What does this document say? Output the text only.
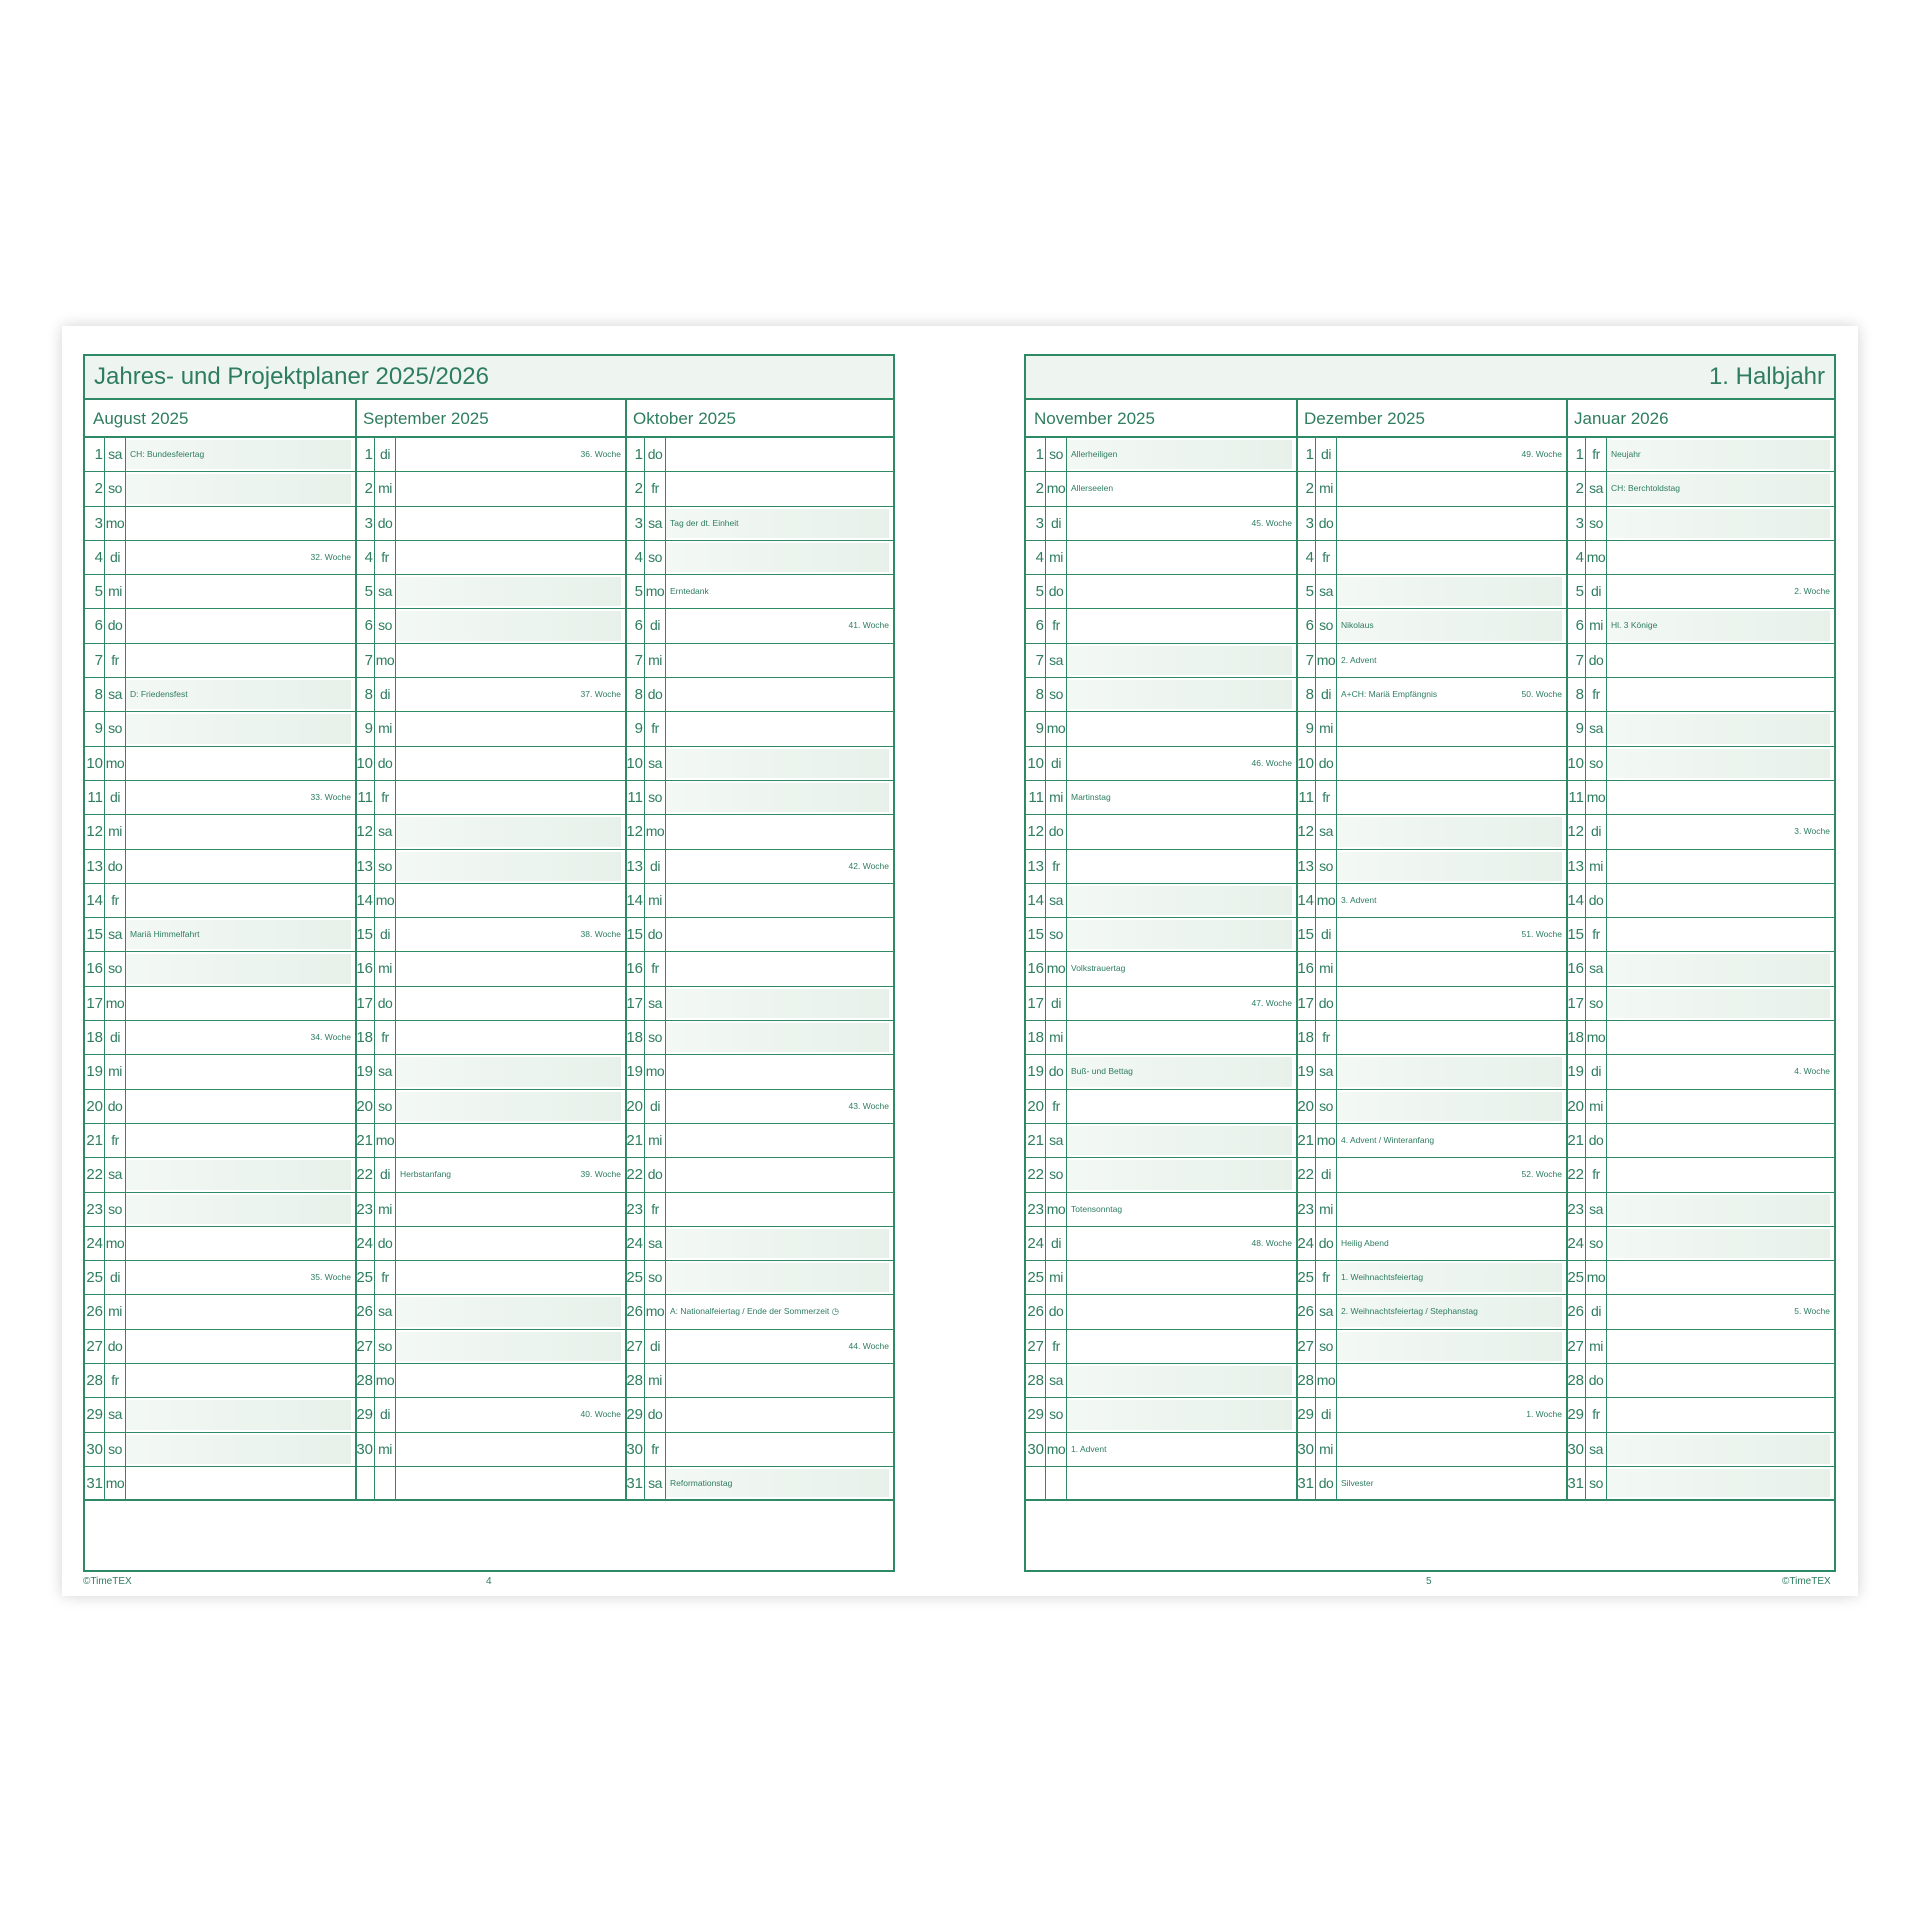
Jahres- und Projektplaner 2025/2026
August 2025
1 sa CH: Bundesfeiertag
2 so
3 mo
4 di	32. Woche
5 mi
6 do
7 fr
8 sa D: Friedensfest
9 so
10 mo
11 di	33. Woche
12 mi
13 do
14 fr
15 sa Mariä Himmelfahrt
16 so
17 mo
18 di	34. Woche
19 mi
20 do
21 fr
22 sa
23 so
24 mo
25 di	35. Woche
26 mi
27 do
28 fr
29 sa
30 so
31 mo
September 2025
1 di	36. Woche
2 mi
3 do
4 fr
5 sa
6 so
7 mo
8 di	37. Woche
9 mi
10 do
11 fr
12 sa
13 so
14 mo
15 di	38. Woche
16 mi
17 do
18 fr
19 sa
20 so
21 mo
22 di	Herbstanfang	39. Woche
23 mi
24 do
25 fr
26 sa
27 so
28 mo
29 di	40. Woche
30 mi
Oktober 2025
1 do
2 fr
3 sa Tag der dt. Einheit
4 so
5 mo Erntedank
6 di	41. Woche
7 mi
8 do
9 fr
10 sa
11 so
12 mo
13 di	42. Woche
14 mi
15 do
16 fr
17 sa
18 so
19 mo
20 di	43. Woche
21 mi
22 do
23 fr
24 sa
25 so
26 mo A: Nationalfeiertag / Ende der Sommerzeit ◷
27 di	44. Woche
28 mi
29 do
30 fr
31 sa Reformationstag
©TimeTEX	4
1. Halbjahr
November 2025
1 so Allerheiligen
2 mo Allerseelen
3 di	45. Woche
4 mi
5 do
6 fr
7 sa
8 so
9 mo
10 di	46. Woche
11 mi Martinstag
12 do
13 fr
14 sa
15 so
16 mo Volkstrauertag
17 di	47. Woche
18 mi
19 do Buß- und Bettag
20 fr
21 sa
22 so
23 mo Totensonntag
24 di	48. Woche
25 mi
26 do
27 fr
28 sa
29 so
30 mo 1. Advent
Dezember 2025
1 di	49. Woche
2 mi
3 do
4 fr
5 sa
6 so Nikolaus
7 mo 2. Advent
8 di	A+CH: Mariä Empfängnis	50. Woche
9 mi
10 do
11 fr
12 sa
13 so
14 mo 3. Advent
15 di	51. Woche
16 mi
17 do
18 fr
19 sa
20 so
21 mo 4. Advent / Winteranfang
22 di	52. Woche
23 mi
24 do Heilig Abend
25 fr	1. Weihnachtsfeiertag
26 sa 2. Weihnachtsfeiertag / Stephanstag
27 so
28 mo
29 di	1. Woche
30 mi
31 do Silvester
Januar 2026
1 fr	Neujahr
2 sa CH: Berchtoldstag
3 so
4 mo
5 di	2. Woche
6 mi Hl. 3 Könige
7 do
8 fr
9 sa
10 so
11 mo
12 di	3. Woche
13 mi
14 do
15 fr
16 sa
17 so
18 mo
19 di	4. Woche
20 mi
21 do
22 fr
23 sa
24 so
25 mo
26 di	5. Woche
27 mi
28 do
29 fr
30 sa
31 so
5	©TimeTEX
